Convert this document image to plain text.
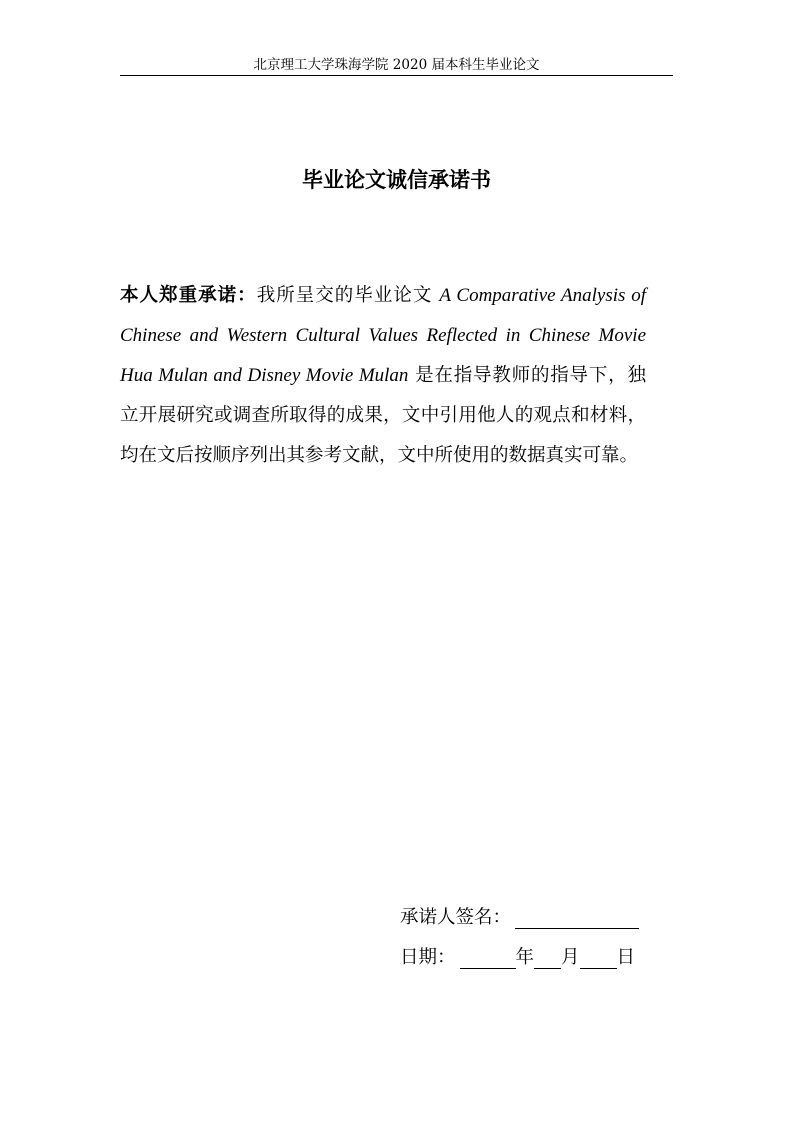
北京理工大学珠海学院 2020 届本科生毕业论文
毕业论文诚信承诺书
本人郑重承诺：我所呈交的毕业论文 A Comparative Analysis of Chinese and Western Cultural Values Reflected in Chinese Movie Hua Mulan and Disney Movie Mulan 是在指导教师的指导下，独立开展研究或调查所取得的成果，文中引用他人的观点和材料，均在文后按顺序列出其参考文献，文中所使用的数据真实可靠。
承诺人签名：
日期：	年 月 日
